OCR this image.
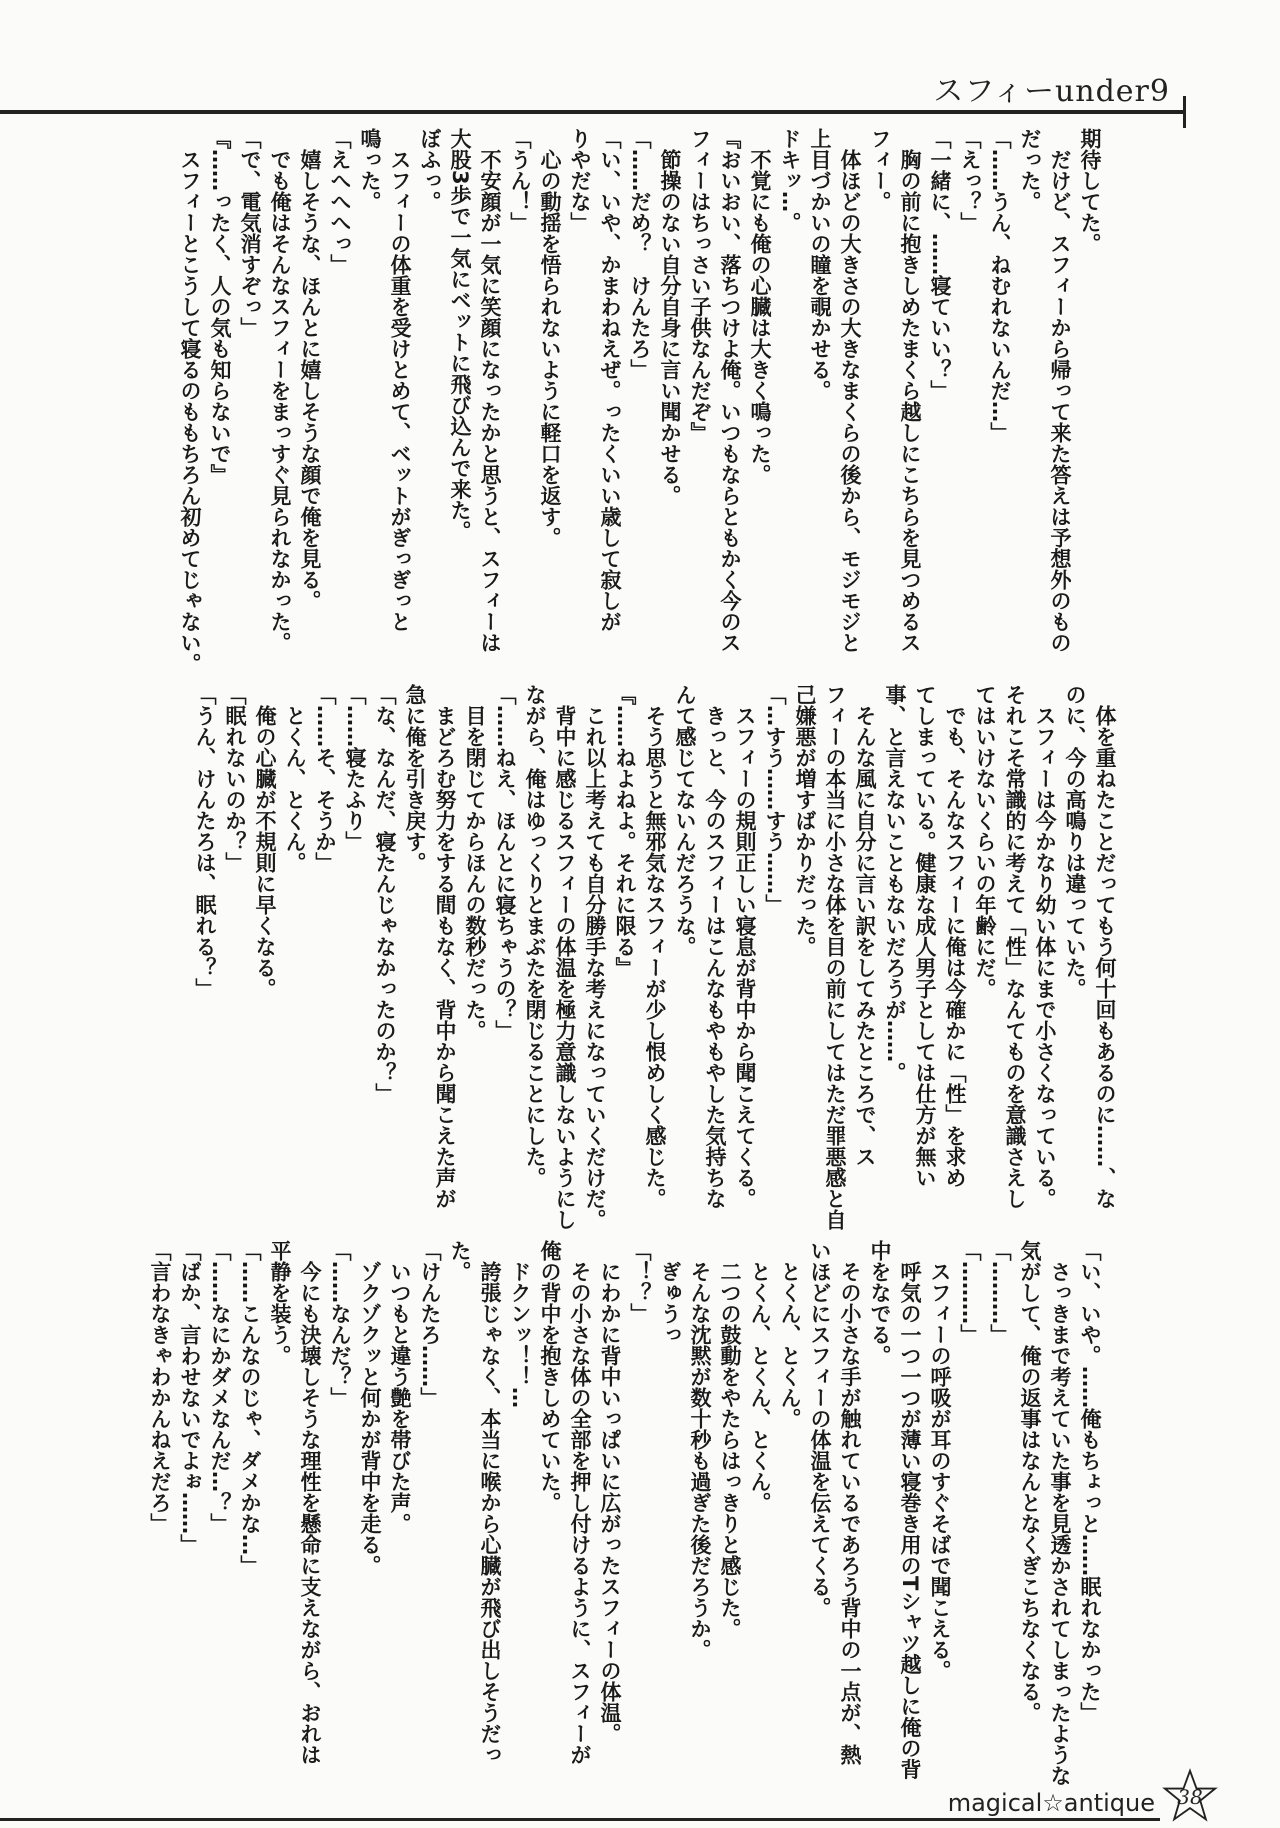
スフィーunder9

期待してた。

　だけど、スフィーから帰って来た答えは予想外のもの

だった。

「……うん、ねむれないんだ…」

「えっ？」

「一緒に、……寝ていい？」

　胸の前に抱きしめたまくら越しにこちらを見つめるス

フィー。

　体ほどの大きさの大きなまくらの後から、モジモジと

上目づかいの瞳を覗かせる。

ドキッ…。

　不覚にも俺の心臓は大きく鳴った。

『おいおい、落ちつけよ俺。いつもならともかく今のス

フィーはちっさい子供なんだぞ』

　節操のない自分自身に言い聞かせる。

「……だめ？　けんたろ」

「い、いや、かまわねえぜ。ったくいい歳して寂しが

りやだな」

　心の動揺を悟られないように軽口を返す。

「うん！」

　不安顔が一気に笑顔になったかと思うと、スフィーは

大股3歩で一気にベットに飛び込んで来た。

ぼふっ。

　スフィーの体重を受けとめて、ベットがぎっぎっと

鳴った。

「えへへへっ」

　嬉しそうな、ほんとに嬉しそうな顔で俺を見る。

　でも俺はそんなスフィーをまっすぐ見られなかった。

「で、電気消すぞっ」

『……ったく、人の気も知らないで』

　スフィーとこうして寝るのももちろん初めてじゃない。

　体を重ねたことだってもう何十回もあるのに……、な

のに、今の高鳴りは違っていた。

　スフィーは今かなり幼い体にまで小さくなっている。

それこそ常識的に考えて「性」なんてものを意識さえし

てはいけないくらいの年齢にだ。

　でも、そんなスフィーに俺は今確かに「性」を求め

てしまっている。健康な成人男子としては仕方が無い

事、と言えないこともないだろうが……。

　そんな風に自分に言い訳をしてみたところで、ス

フィーの本当に小さな体を目の前にしてはただ罪悪感と自

己嫌悪が増すばかりだった。

「…すう……すう……」

　スフィーの規則正しい寝息が背中から聞こえてくる。

　きっと、今のスフィーはこんなもやもやした気持ちな

んて感じてないんだろうな。

　そう思うと無邪気なスフィーが少し恨めしく感じた。

『……ねよねよ。それに限る』

　これ以上考えても自分勝手な考えになっていくだけだ。

　背中に感じるスフィーの体温を極力意識しないようにし

ながら、俺はゆっくりとまぶたを閉じることにした。

「……ねえ、ほんとに寝ちゃうの？」

　目を閉じてからほんの数秒だった。

　まどろむ努力をする間もなく、背中から聞こえた声が

急に俺を引き戻す。

「な、なんだ、寝たんじゃなかったのか？」

「……寝たふり」

「……そ、そうか」

　とくん、とくん。

　俺の心臓が不規則に早くなる。

「眠れないのか？」

「うん、けんたろは、眠れる？」

「い、いや。……俺もちょっと……眠れなかった」

　さっきまで考えていた事を見透かされてしまったような

気がして、俺の返事はなんとなくぎこちなくなる。

「………」

「………」

　スフィーの呼吸が耳のすぐそばで聞こえる。

　呼気の一つ一つが薄い寝巻き用のTシャツ越しに俺の背

中をなでる。

　その小さな手が触れているであろう背中の一点が、熱

いほどにスフィーの体温を伝えてくる。

　とくん、とくん。

　とくん、とくん、とくん。

　二つの鼓動をやたらはっきりと感じた。

　そんな沈黙が数十秒も過ぎた後だろうか。

　ぎゅうっ

「！？」

　にわかに背中いっぱいに広がったスフィーの体温。

　その小さな体の全部を押し付けるように、スフィーが

俺の背中を抱きしめていた。

　ドクンッ！！…

　誇張じゃなく、本当に喉から心臓が飛び出しそうだっ

た。

「けんたろ……」

　いつもと違う艶を帯びた声。

　ゾクゾクッと何かが背中を走る。

「……なんだ？」

　今にも決壊しそうな理性を懸命に支えながら、おれは

平静を装う。

「……こんなのじゃ、ダメかな…」

「……なにかダメなんだ…？」

「ばか、言わせないでよぉ……」

「言わなきゃわかんねえだろ」

magical☆antique	38
